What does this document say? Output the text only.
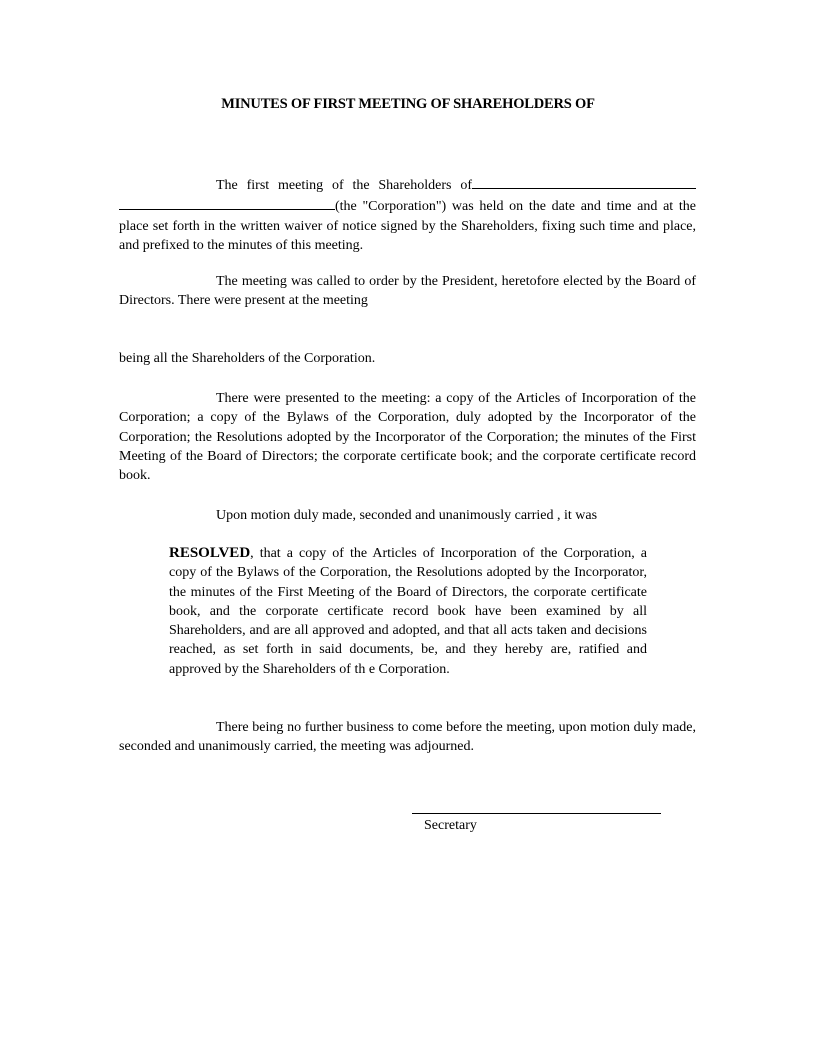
MINUTES OF FIRST MEETING OF SHAREHOLDERS OF
The first meeting of the Shareholders of (the "Corporation") was held on the date and time and at the place set forth in the written waiver of notice signed by the Shareholders, fixing such time and place, and prefixed to the minutes of this meeting.
The meeting was called to order by the President, heretofore elected by the Board of Directors. There were present at the meeting
being all the Shareholders of the Corporation.
There were presented to the meeting: a copy of the Articles of Incorporation of the Corporation; a copy of the Bylaws of the Corporation, duly adopted by the Incorporator of the Corporation; the Resolutions adopted by the Incorporator of the Corporation; the minutes of the First Meeting of the Board of Directors; the corporate certificate book; and the corporate certificate record book.
Upon motion duly made, seconded and unanimously carried , it was
RESOLVED, that a copy of the Articles of Incorporation of the Corporation, a copy of the Bylaws of the Corporation, the Resolutions adopted by the Incorporator, the minutes of the First Meeting of the Board of Directors, the corporate certificate book, and the corporate certificate record book have been examined by all Shareholders, and are all approved and adopted, and that all acts taken and decisions reached, as set forth in said documents, be, and they hereby are, ratified and approved by the Shareholders of th e Corporation.
There being no further business to come before the meeting, upon motion duly made, seconded and unanimously carried, the meeting was adjourned.
Secretary
